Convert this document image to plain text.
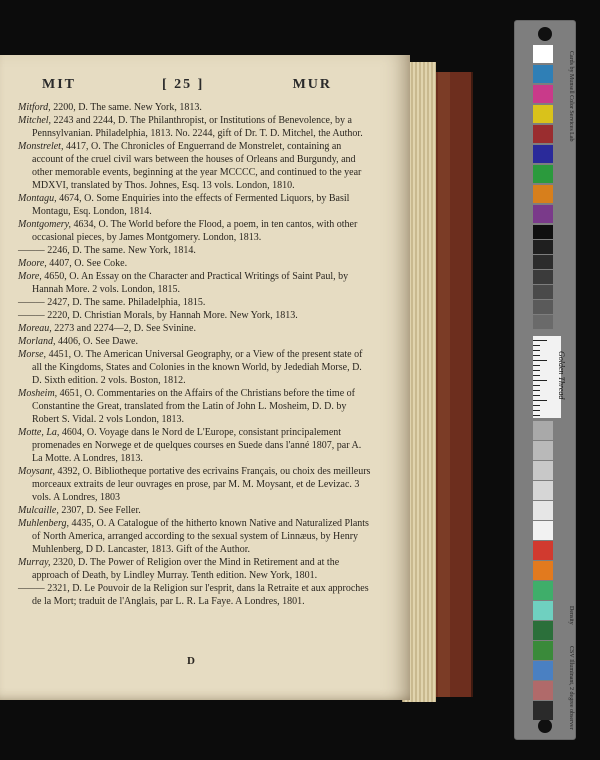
MIT	[ 25 ]	MUR
Mitford, 2200, D. The same. New York, 1813.
Mitchel, 2243 and 2244, D. The Philanthropist, or Institutions of Benevolence, by a Pennsylvanian. Philadelphia, 1813. No. 2244, gift of Dr. T. D. Mitchel, the Author.
Monstrelet, 4417, O. The Chronicles of Enguerrand de Monstrelet, containing an account of the cruel civil wars between the houses of Orleans and Burgundy, and other memorable events, beginning at the year MCCCC, and continued to the year MDXVI, translated by Thos. Johnes, Esq. 13 vols. London, 1810.
Montagu, 4674, O. Some Enquiries into the effects of Fermented Liquors, by Basil Montagu, Esq. London, 1814.
Montgomery, 4634, O. The World before the Flood, a poem, in ten cantos, with other occasional pieces, by James Montgomery. London, 1813.
——— 2246, D. The same. New York, 1814.
Moore, 4407, O. See Coke.
More, 4650, O. An Essay on the Character and Practical Writings of Saint Paul, by Hannah More. 2 vols. London, 1815.
——— 2427, D. The same. Philadelphia, 1815.
——— 2220, D. Christian Morals, by Hannah More. New York, 1813.
Moreau, 2273 and 2274—2, D. See Svinine.
Morland, 4406, O. See Dawe.
Morse, 4451, O. The American Universal Geography, or a View of the present state of all the Kingdoms, States and Colonies in the known World, by Jedediah Morse, D. D. Sixth edition. 2 vols. Boston, 1812.
Mosheim, 4651, O. Commentaries on the Affairs of the Christians before the time of Constantine the Great, translated from the Latin of John L. Mosheim, D. D. by Robert S. Vidal. 2 vols London, 1813.
Motte, La, 4604, O. Voyage dans le Nord de L'Europe, consistant principalement promenades en Norwege et de quelques courses en Suede dans l'anné 1807, par A. La Motte. A Londres, 1813.
Moysant, 4392, O. Bibliotheque portative des ecrivains Français, ou choix des meilleurs morceaux extraits de leur ouvrages en prose, par M. M. Moysant, et de Levizac. 3 vols. A Londres, 1803
Mulcaille, 2307, D. See Feller.
Muhlenberg, 4435, O. A Catalogue of the hitherto known Native and Naturalized Plants of North America, arranged according to the sexual system of Linnæus, by Henry Muhlenberg, D D. Lancaster, 1813. Gift of the Author.
Murray, 2320, D. The Power of Religion over the Mind in Retirement and at the approach of Death, by Lindley Murray. Tenth edition. New York, 1801.
——— 2321, D. Le Pouvoir de la Religion sur l'esprit, dans la Retraite et aux approches de la Mort; traduit de l'Anglais, par L. R. La Faye. A Londres, 1801.
D
Golden Thread
Cards by Munsell Color Services Lab
Density
CSV Illuminant, 2 degree observer
